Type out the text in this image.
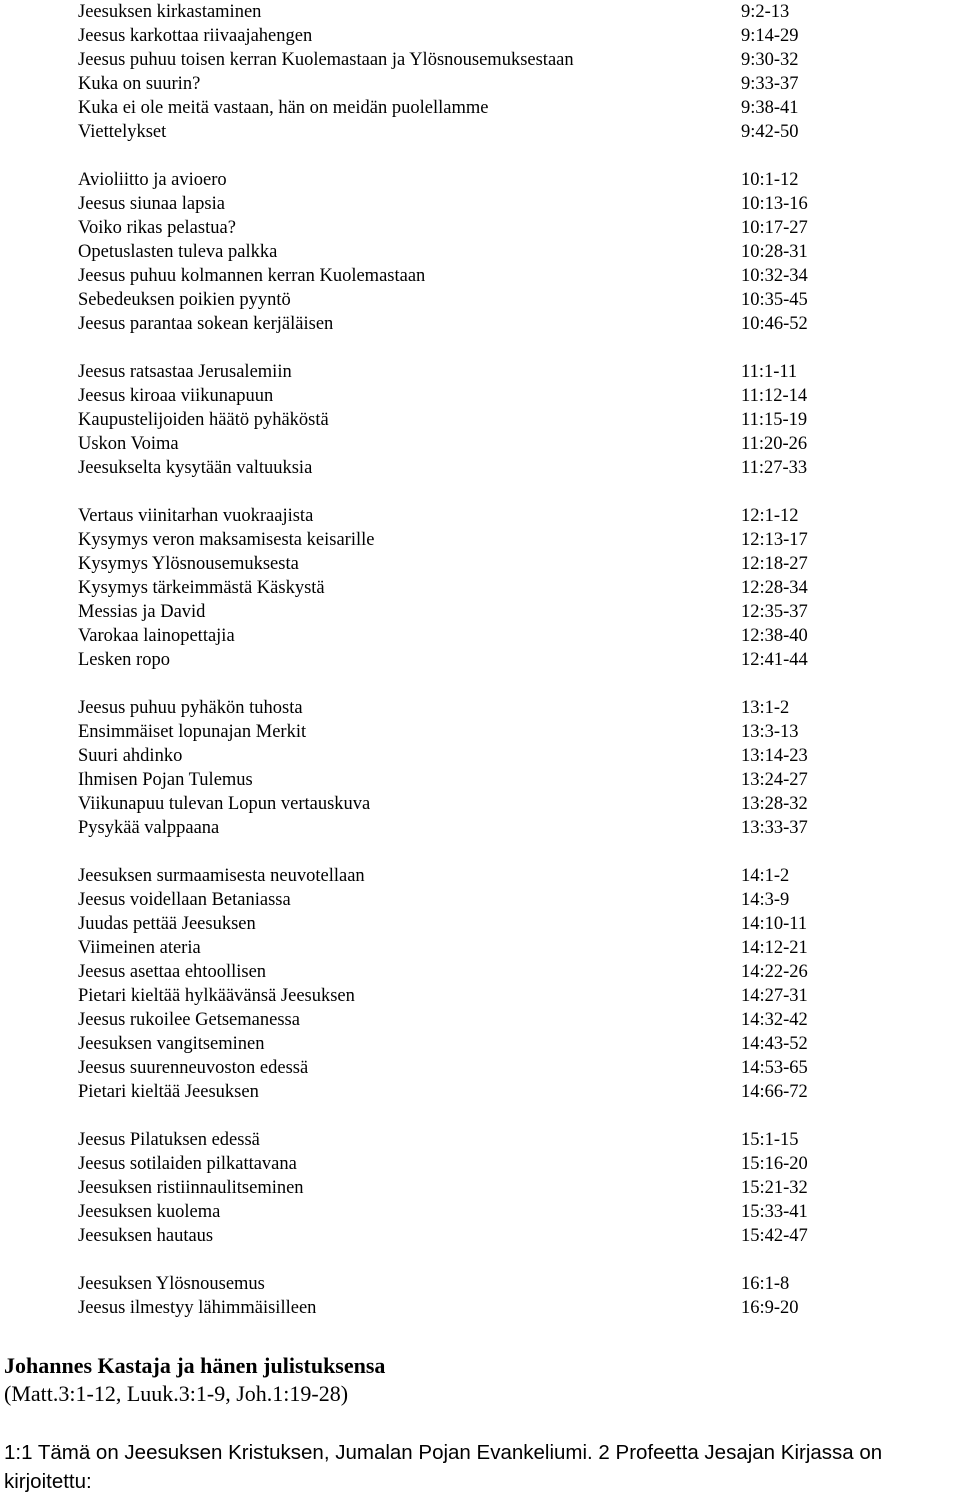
Jeesuksen kirkastaminen	9:2-13
Jeesus karkottaa riivaajahengen	9:14-29
Jeesus puhuu toisen kerran Kuolemastaan ja Ylösnousemuksestaan	9:30-32
Kuka on suurin?	9:33-37
Kuka ei ole meitä vastaan, hän on meidän puolellamme	9:38-41
Viettelykset	9:42-50
Avioliitto ja avioero	10:1-12
Jeesus siunaa lapsia	10:13-16
Voiko rikas pelastua?	10:17-27
Opetuslasten tuleva palkka	10:28-31
Jeesus puhuu kolmannen kerran Kuolemastaan	10:32-34
Sebedeuksen poikien pyyntö	10:35-45
Jeesus parantaa sokean kerjäläisen	10:46-52
Jeesus ratsastaa Jerusalemiin	11:1-11
Jeesus kiroaa viikunapuun	11:12-14
Kaupustelijoiden häätö pyhäköstä	11:15-19
Uskon Voima	11:20-26
Jeesukselta kysytään valtuuksia	11:27-33
Vertaus viinitarhan vuokraajista	12:1-12
Kysymys veron maksamisesta keisarille	12:13-17
Kysymys Ylösnousemuksesta	12:18-27
Kysymys tärkeimmästä Käskystä	12:28-34
Messias ja David	12:35-37
Varokaa lainopettajia	12:38-40
Lesken ropo	12:41-44
Jeesus puhuu pyhäkön tuhosta	13:1-2
Ensimmäiset lopunajan Merkit	13:3-13
Suuri ahdinko	13:14-23
Ihmisen Pojan Tulemus	13:24-27
Viikunapuu tulevan Lopun vertauskuva	13:28-32
Pysykää valppaana	13:33-37
Jeesuksen surmaamisesta neuvotellaan	14:1-2
Jeesus voidellaan Betaniassa	14:3-9
Juudas pettää Jeesuksen	14:10-11
Viimeinen ateria	14:12-21
Jeesus asettaa ehtoollisen	14:22-26
Pietari kieltää hylkäävänsä Jeesuksen	14:27-31
Jeesus rukoilee Getsemanessa	14:32-42
Jeesuksen vangitseminen	14:43-52
Jeesus suurenneuvoston edessä	14:53-65
Pietari kieltää Jeesuksen	14:66-72
Jeesus Pilatuksen edessä	15:1-15
Jeesus sotilaiden pilkattavana	15:16-20
Jeesuksen ristiinnaulitseminen	15:21-32
Jeesuksen kuolema	15:33-41
Jeesuksen hautaus	15:42-47
Jeesuksen Ylösnousemus	16:1-8
Jeesus ilmestyy lähimmäisilleen	16:9-20

Johannes Kastaja ja hänen julistuksensa

(Matt.3:1-12, Luuk.3:1-9, Joh.1:19-28)

1:1 Tämä on Jeesuksen Kristuksen, Jumalan Pojan Evankeliumi. 2 Profeetta Jesajan Kirjassa on kirjoitettu:
